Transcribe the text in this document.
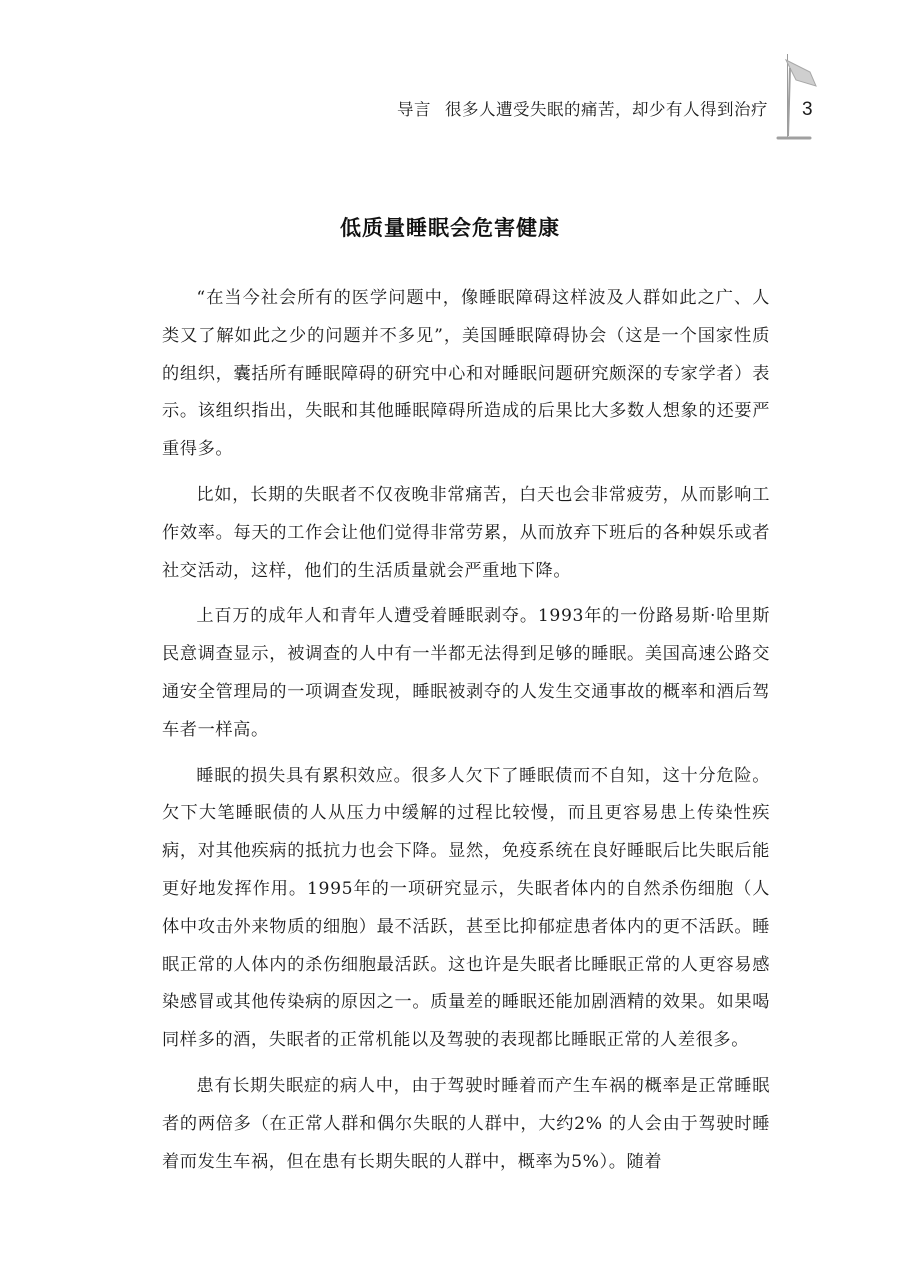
导言 很多人遭受失眠的痛苦，却少有人得到治疗 3
低质量睡眠会危害健康

“在当今社会所有的医学问题中，像睡眠障碍这样波及人群如此之广、人类又了解如此之少的问题并不多见”，美国睡眠障碍协会（这是一个国家性质的组织，囊括所有睡眠障碍的研究中心和对睡眠问题研究颇深的专家学者）表示。该组织指出，失眠和其他睡眠障碍所造成的后果比大多数人想象的还要严重得多。

比如，长期的失眠者不仅夜晚非常痛苦，白天也会非常疲劳，从而影响工作效率。每天的工作会让他们觉得非常劳累，从而放弃下班后的各种娱乐或者社交活动，这样，他们的生活质量就会严重地下降。

上百万的成年人和青年人遭受着睡眠剥夺。1993年的一份路易斯·哈里斯民意调查显示，被调查的人中有一半都无法得到足够的睡眠。美国高速公路交通安全管理局的一项调查发现，睡眠被剥夺的人发生交通事故的概率和酒后驾车者一样高。

睡眠的损失具有累积效应。很多人欠下了睡眠债而不自知，这十分危险。欠下大笔睡眠债的人从压力中缓解的过程比较慢，而且更容易患上传染性疾病，对其他疾病的抵抗力也会下降。显然，免疫系统在良好睡眠后比失眠后能更好地发挥作用。1995年的一项研究显示，失眠者体内的自然杀伤细胞（人体中攻击外来物质的细胞）最不活跃，甚至比抑郁症患者体内的更不活跃。睡眠正常的人体内的杀伤细胞最活跃。这也许是失眠者比睡眠正常的人更容易感染感冒或其他传染病的原因之一。质量差的睡眠还能加剧酒精的效果。如果喝同样多的酒，失眠者的正常机能以及驾驶的表现都比睡眠正常的人差很多。

患有长期失眠症的病人中，由于驾驶时睡着而产生车祸的概率是正常睡眠者的两倍多（在正常人群和偶尔失眠的人群中，大约2% 的人会由于驾驶时睡着而发生车祸，但在患有长期失眠的人群中，概率为5%）。随着
